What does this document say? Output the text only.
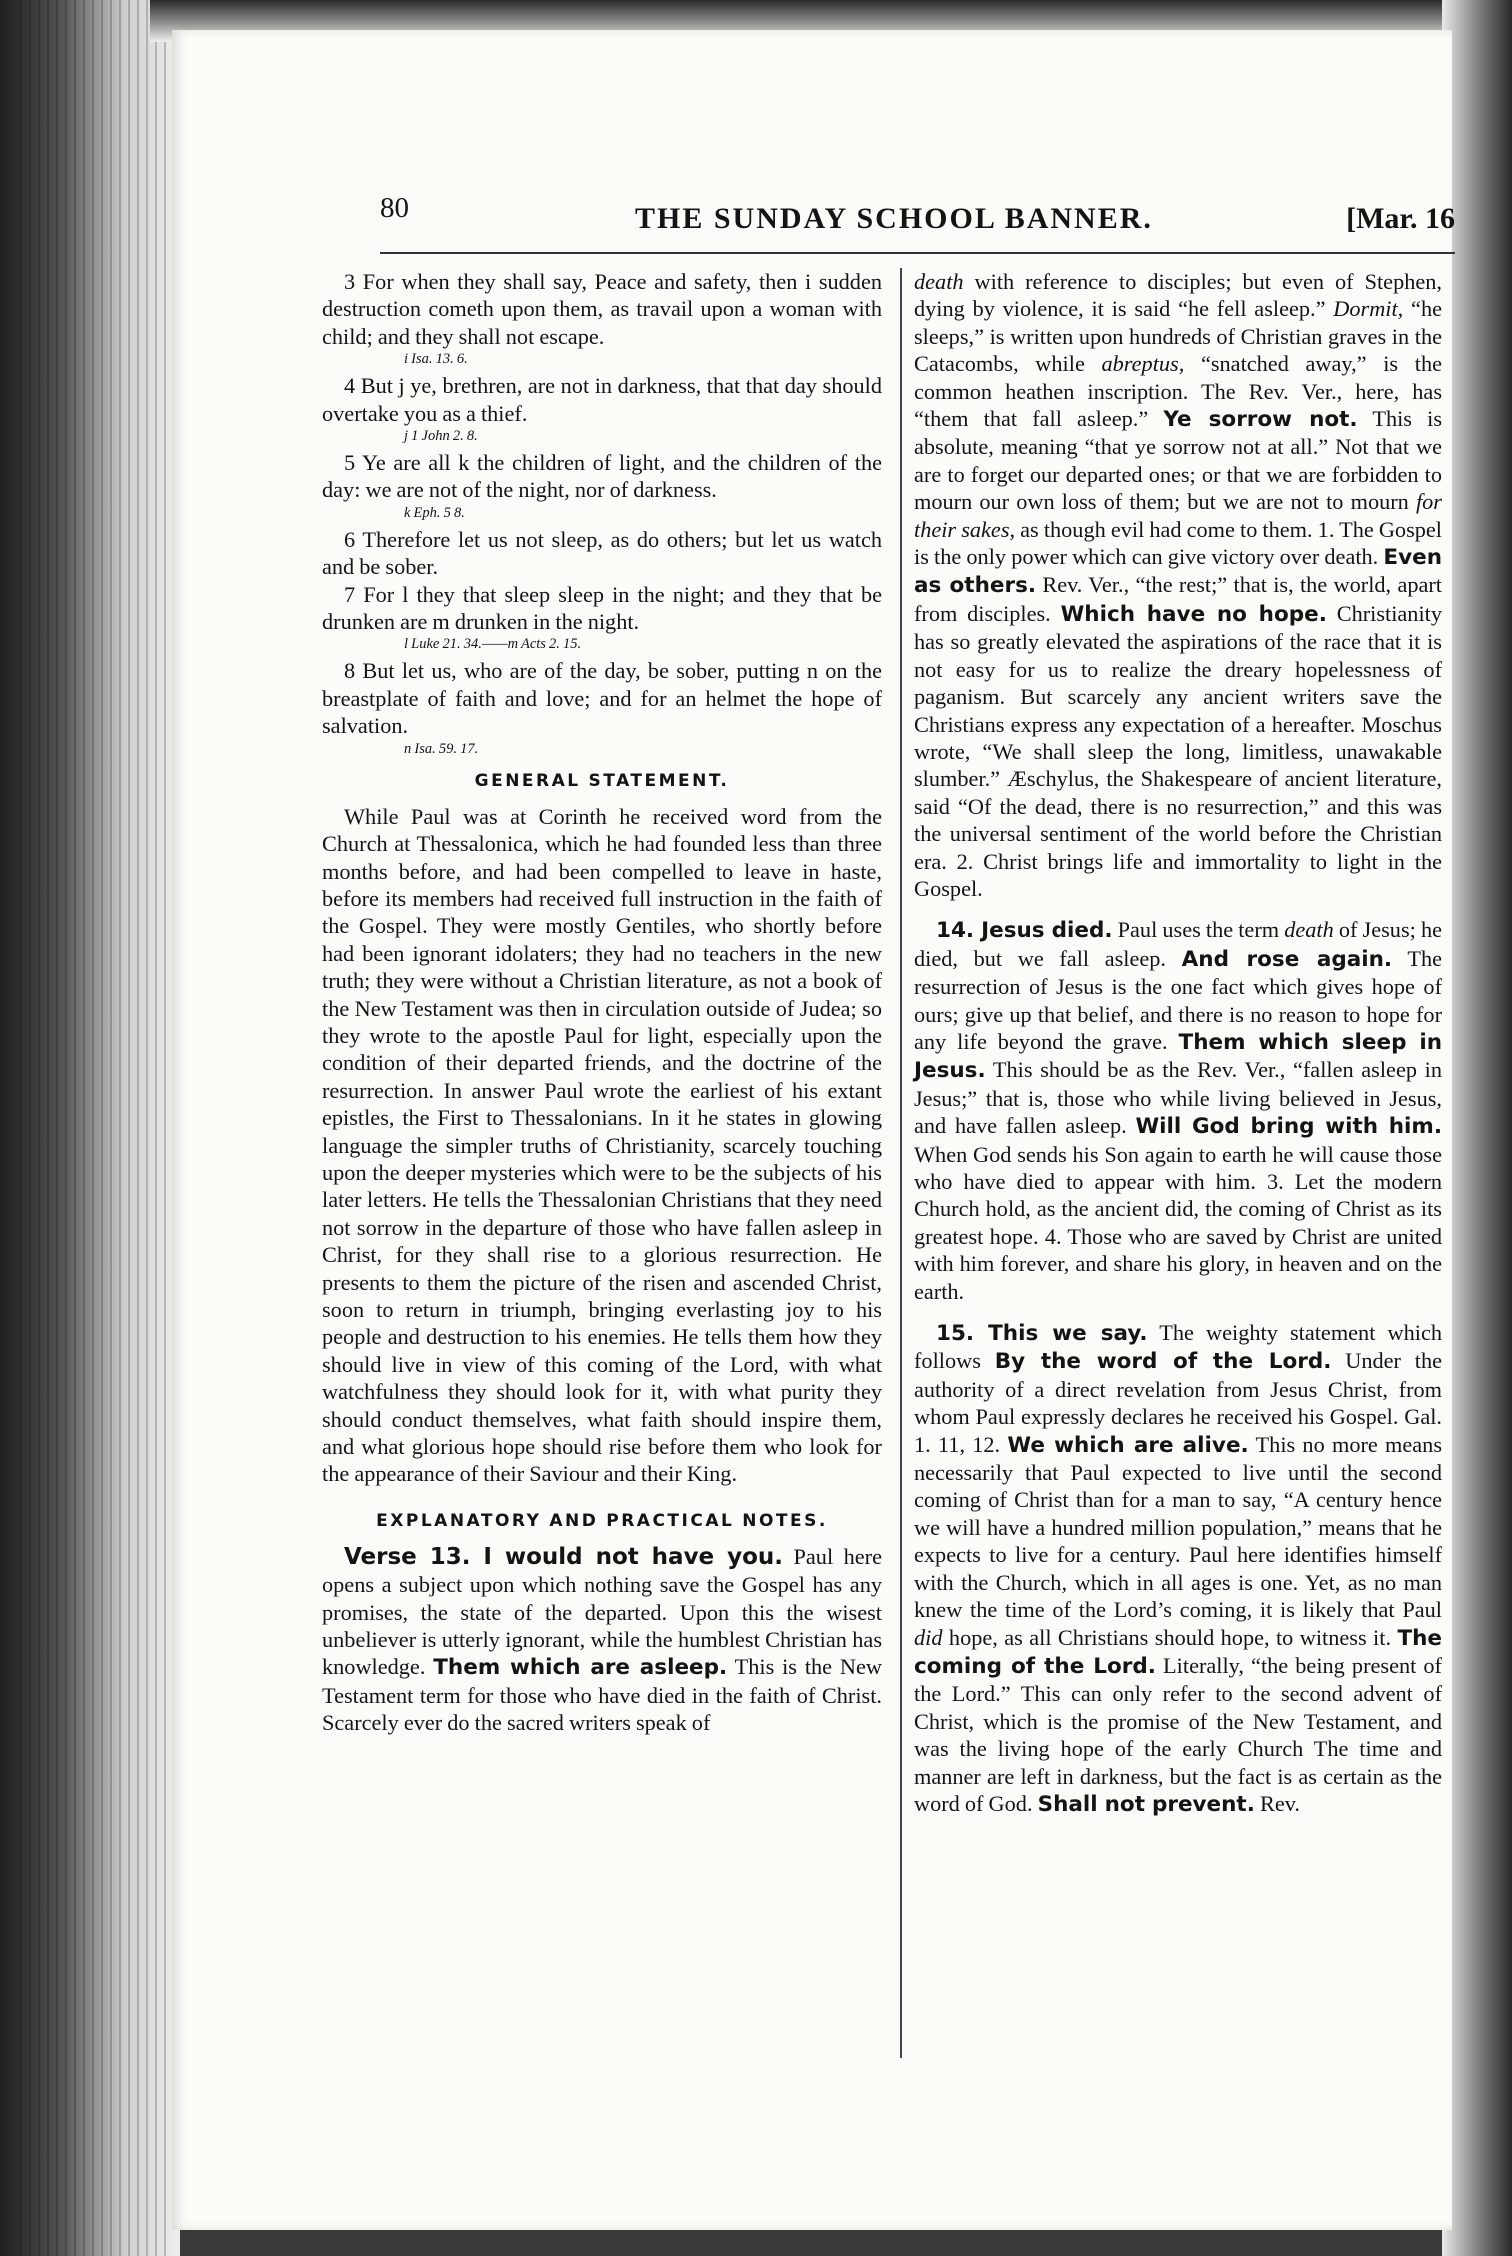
80	THE SUNDAY SCHOOL BANNER.	[Mar. 16

3 For when they shall say, Peace and safety, then i sudden destruction cometh upon them, as travail upon a woman with child; and they shall not escape.

i Isa. 13. 6.

4 But j ye, brethren, are not in darkness, that that day should overtake you as a thief.

j 1 John 2. 8.

5 Ye are all k the children of light, and the children of the day: we are not of the night, nor of darkness.

k Eph. 5 8.

6 Therefore let us not sleep, as do others; but let us watch and be sober.

7 For l they that sleep sleep in the night; and they that be drunken are m drunken in the night.

l Luke 21. 34.——m Acts 2. 15.

8 But let us, who are of the day, be sober, putting n on the breastplate of faith and love; and for an helmet the hope of salvation.

n Isa. 59. 17.
GENERAL STATEMENT.

While Paul was at Corinth he received word from the Church at Thessalonica, which he had founded less than three months before, and had been compelled to leave in haste, before its members had received full instruction in the faith of the Gospel. They were mostly Gentiles, who shortly before had been ignorant idolaters; they had no teachers in the new truth; they were without a Christian literature, as not a book of the New Testament was then in circulation outside of Judea; so they wrote to the apostle Paul for light, especially upon the condition of their departed friends, and the doctrine of the resurrection. In answer Paul wrote the earliest of his extant epistles, the First to Thessalonians. In it he states in glowing language the simpler truths of Christianity, scarcely touching upon the deeper mysteries which were to be the subjects of his later letters. He tells the Thessalonian Christians that they need not sorrow in the departure of those who have fallen asleep in Christ, for they shall rise to a glorious resurrection. He presents to them the picture of the risen and ascended Christ, soon to return in triumph, bringing everlasting joy to his people and destruction to his enemies. He tells them how they should live in view of this coming of the Lord, with what watchfulness they should look for it, with what purity they should conduct themselves, what faith should inspire them, and what glorious hope should rise before them who look for the appearance of their Saviour and their King.

EXPLANATORY AND PRACTICAL NOTES.

Verse 13. I would not have you. Paul here opens a subject upon which nothing save the Gospel has any promises, the state of the departed. Upon this the wisest unbeliever is utterly ignorant, while the humblest Christian has knowledge. Them which are asleep. This is the New Testament term for those who have died in the faith of Christ. Scarcely ever do the sacred writers speak of

death with reference to disciples; but even of Stephen, dying by violence, it is said “he fell asleep.” Dormit, “he sleeps,” is written upon hundreds of Christian graves in the Catacombs, while abreptus, “snatched away,” is the common heathen inscription. The Rev. Ver., here, has “them that fall asleep.” Ye sorrow not. This is absolute, meaning “that ye sorrow not at all.” Not that we are to forget our departed ones; or that we are forbidden to mourn our own loss of them; but we are not to mourn for their sakes, as though evil had come to them. 1. The Gospel is the only power which can give victory over death. Even as others. Rev. Ver., “the rest;” that is, the world, apart from disciples. Which have no hope. Christianity has so greatly elevated the aspirations of the race that it is not easy for us to realize the dreary hopelessness of paganism. But scarcely any ancient writers save the Christians express any expectation of a hereafter. Moschus wrote, “We shall sleep the long, limitless, unawakable slumber.” Æschylus, the Shakespeare of ancient literature, said “Of the dead, there is no resurrection,” and this was the universal sentiment of the world before the Christian era. 2. Christ brings life and immortality to light in the Gospel.

14. Jesus died. Paul uses the term death of Jesus; he died, but we fall asleep. And rose again. The resurrection of Jesus is the one fact which gives hope of ours; give up that belief, and there is no reason to hope for any life beyond the grave. Them which sleep in Jesus. This should be as the Rev. Ver., “fallen asleep in Jesus;” that is, those who while living believed in Jesus, and have fallen asleep. Will God bring with him. When God sends his Son again to earth he will cause those who have died to appear with him. 3. Let the modern Church hold, as the ancient did, the coming of Christ as its greatest hope. 4. Those who are saved by Christ are united with him forever, and share his glory, in heaven and on the earth.

15. This we say. The weighty statement which follows By the word of the Lord. Under the authority of a direct revelation from Jesus Christ, from whom Paul expressly declares he received his Gospel. Gal. 1. 11, 12. We which are alive. This no more means necessarily that Paul expected to live until the second coming of Christ than for a man to say, “A century hence we will have a hundred million population,” means that he expects to live for a century. Paul here identifies himself with the Church, which in all ages is one. Yet, as no man knew the time of the Lord’s coming, it is likely that Paul did hope, as all Christians should hope, to witness it. The coming of the Lord. Literally, “the being present of the Lord.” This can only refer to the second advent of Christ, which is the promise of the New Testament, and was the living hope of the early Church The time and manner are left in darkness, but the fact is as certain as the word of God. Shall not prevent. Rev.
